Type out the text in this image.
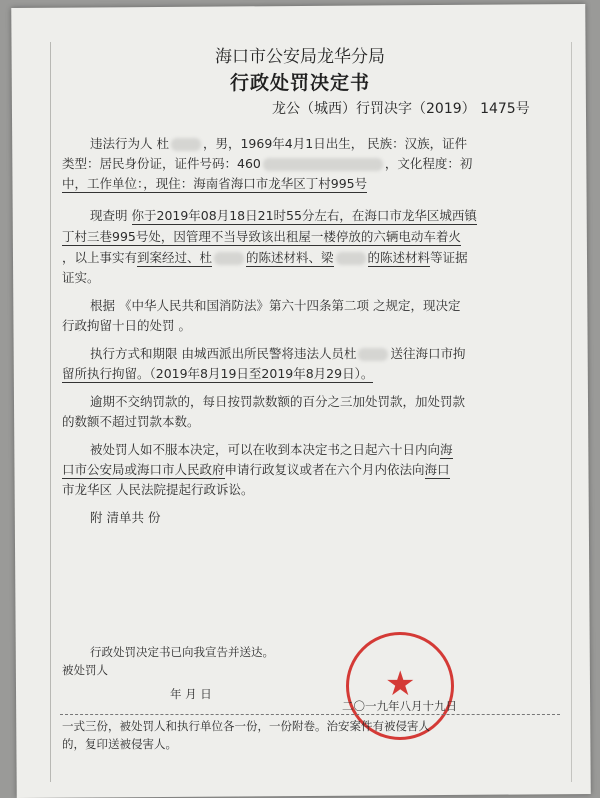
海口市公安局龙华分局
行政处罚决定书
龙公（城西）行罚决字（2019） 1475号
违法行为人 杜	，男，1969年4月1日出生， 民族：汉族，证件
类型：居民身份证，证件号码：460	，文化程度：初
中，工作单位：，现住：海南省海口市龙华区丁村995号
现查明 你于2019年08月18日21时55分左右，在海口市龙华区城西镇
丁村三巷995号处，因管理不当导致该出租屋一楼停放的六辆电动车着火
，以上事实有到案经过、杜	的陈述材料、梁	的陈述材料等证据
证实。
根据 《中华人民共和国消防法》第六十四条第二项 之规定，现决定
行政拘留十日的处罚 。
执行方式和期限 由城西派出所民警将违法人员杜	送往海口市拘
留所执行拘留。（2019年8月19日至2019年8月29日）。
逾期不交纳罚款的，每日按罚款数额的百分之三加处罚款，加处罚款
的数额不超过罚款本数。
被处罚人如不服本决定，可以在收到本决定书之日起六十日内向海
口市公安局或海口市人民政府申请行政复议或者在六个月内依法向海口
市龙华区 人民法院提起行政诉讼。
附 清单共 份
行政处罚决定书已向我宣告并送达。
被处罚人
年 月 日
	★
二〇一九年八月十九日
一式三份，被处罚人和执行单位各一份，一份附卷。治安案件有被侵害人
的，复印送被侵害人。
